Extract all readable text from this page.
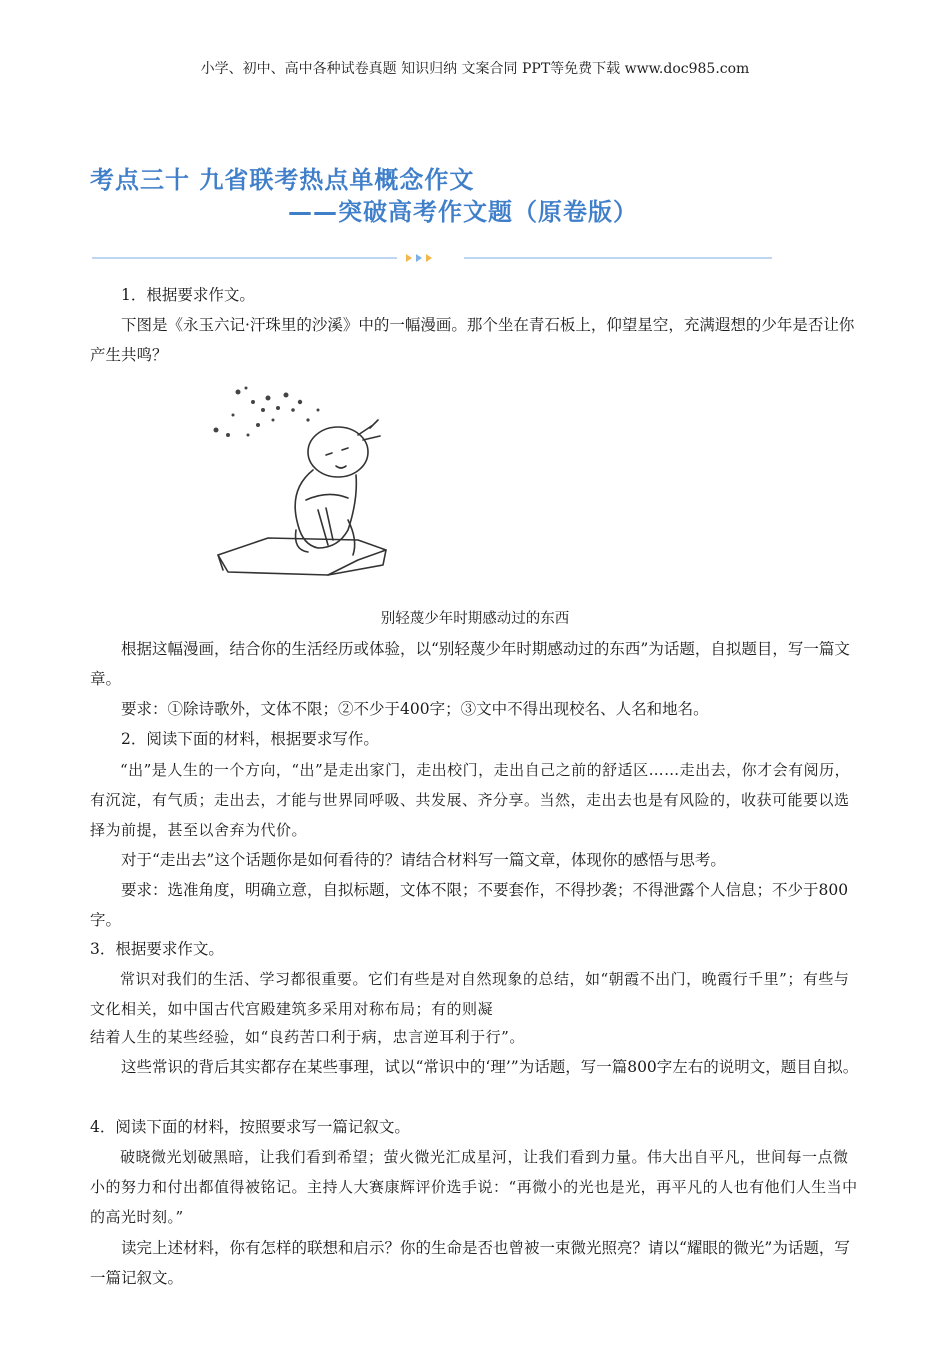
小学、初中、高中各种试卷真题 知识归纳 文案合同 PPT等免费下载 www.doc985.com
考点三十 九省联考热点单概念作文
——突破高考作文题（原卷版）
1．根据要求作文。
下图是《永玉六记·汗珠里的沙溪》中的一幅漫画。那个坐在青石板上，仰望星空，充满遐想的少年是否让你产生共鸣？
别轻蔑少年时期感动过的东西
根据这幅漫画，结合你的生活经历或体验，以“别轻蔑少年时期感动过的东西”为话题，自拟题目，写一篇文章。
要求：①除诗歌外，文体不限；②不少于400字；③文中不得出现校名、人名和地名。
2．阅读下面的材料，根据要求写作。
“出”是人生的一个方向，“出”是走出家门，走出校门，走出自己之前的舒适区……走出去，你才会有阅历，有沉淀，有气质；走出去，才能与世界同呼吸、共发展、齐分享。当然，走出去也是有风险的，收获可能要以选择为前提，甚至以舍弃为代价。
对于“走出去”这个话题你是如何看待的？请结合材料写一篇文章，体现你的感悟与思考。
要求：选准角度，明确立意，自拟标题，文体不限；不要套作，不得抄袭；不得泄露个人信息；不少于800字。
3．根据要求作文。
常识对我们的生活、学习都很重要。它们有些是对自然现象的总结，如“朝霞不出门，晚霞行千里”；有些与文化相关，如中国古代宫殿建筑多采用对称布局；有的则凝
结着人生的某些经验，如“良药苦口利于病，忠言逆耳利于行”。
这些常识的背后其实都存在某些事理，试以“常识中的‘理’”为话题，写一篇800字左右的说明文，题目自拟。
4．阅读下面的材料，按照要求写一篇记叙文。
破晓微光划破黑暗，让我们看到希望；萤火微光汇成星河，让我们看到力量。伟大出自平凡，世间每一点微小的努力和付出都值得被铭记。主持人大赛康辉评价选手说：“再微小的光也是光，再平凡的人也有他们人生当中的高光时刻。”
读完上述材料，你有怎样的联想和启示？你的生命是否也曾被一束微光照亮？请以“耀眼的微光”为话题，写一篇记叙文。
